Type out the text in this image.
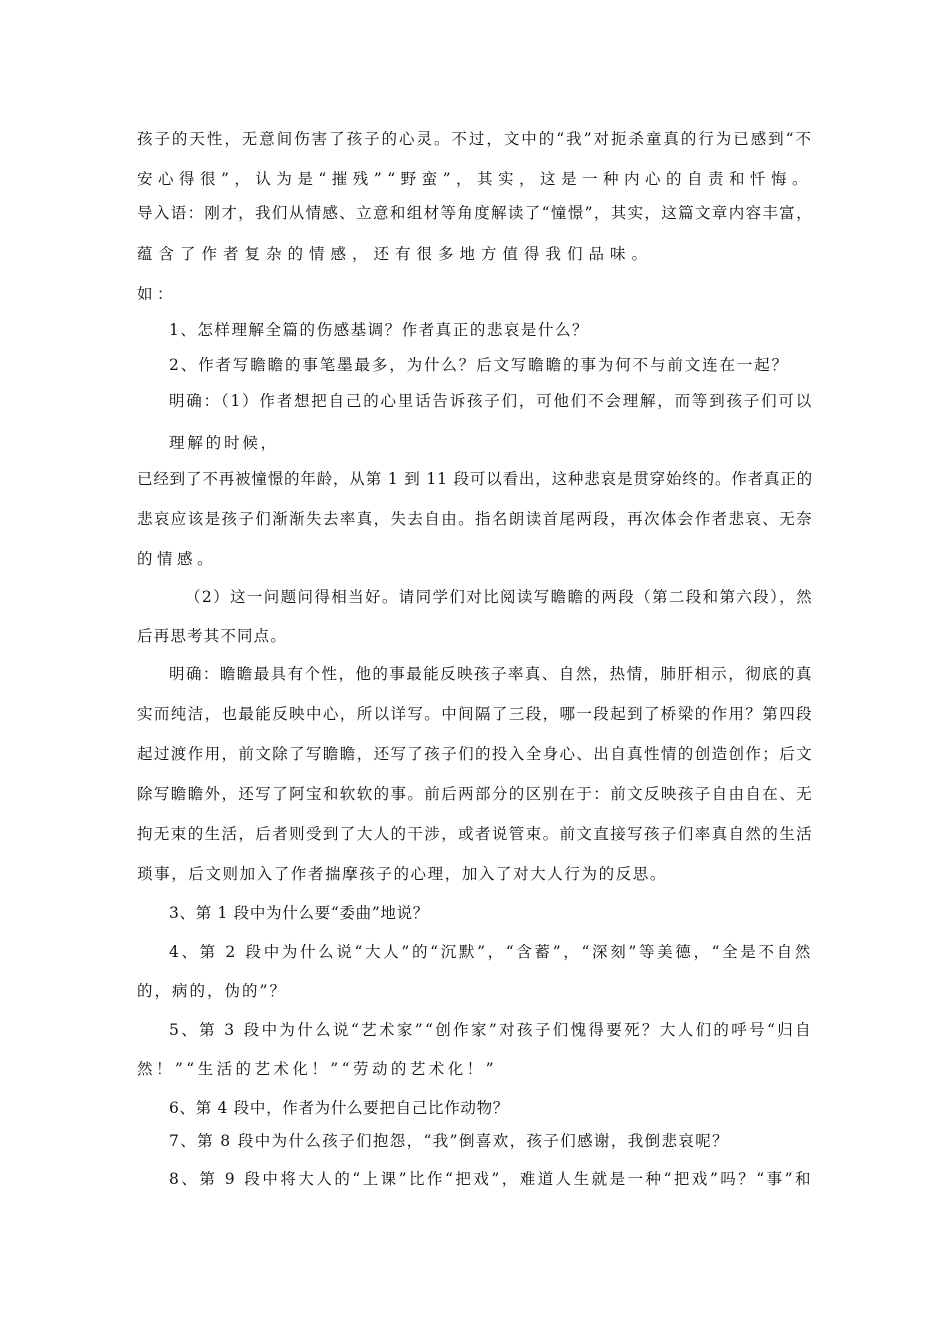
孩子的天性，无意间伤害了孩子的心灵。不过，文中的“我”对扼杀童真的行为已感到“不
安心得很”，认为是“摧残”“野蛮”，其实，这是一种内心的自责和忏悔。
导入语：刚才，我们从情感、立意和组材等角度解读了“憧憬”，其实，这篇文章内容丰富，
蕴含了作者复杂的情感，还有很多地方值得我们品味。
如：
1、怎样理解全篇的伤感基调？作者真正的悲哀是什么？
2、作者写瞻瞻的事笔墨最多，为什么？后文写瞻瞻的事为何不与前文连在一起？
明确：（1）作者想把自己的心里话告诉孩子们，可他们不会理解，而等到孩子们可以
理解的时候，
已经到了不再被憧憬的年龄，从第 1 到 11 段可以看出，这种悲哀是贯穿始终的。作者真正的
悲哀应该是孩子们渐渐失去率真，失去自由。指名朗读首尾两段，再次体会作者悲哀、无奈
的情感。
（2）这一问题问得相当好。请同学们对比阅读写瞻瞻的两段（第二段和第六段），然
后再思考其不同点。
明确：瞻瞻最具有个性，他的事最能反映孩子率真、自然，热情，肺肝相示，彻底的真
实而纯洁，也最能反映中心，所以详写。中间隔了三段，哪一段起到了桥梁的作用？第四段
起过渡作用，前文除了写瞻瞻，还写了孩子们的投入全身心、出自真性情的创造创作；后文
除写瞻瞻外，还写了阿宝和软软的事。前后两部分的区别在于：前文反映孩子自由自在、无
拘无束的生活，后者则受到了大人的干涉，或者说管束。前文直接写孩子们率真自然的生活
琐事，后文则加入了作者揣摩孩子的心理，加入了对大人行为的反思。
3、第 1 段中为什么要“委曲”地说？
4、第 2 段中为什么说“大人”的“沉默”，“含蓄”，“深刻”等美德，“全是不自然
的，病的，伪的”？
5、第 3 段中为什么说“艺术家”“创作家”对孩子们愧得要死？大人们的呼号“归自
然！”“生活的艺术化！”“劳动的艺术化！”
6、第 4 段中，作者为什么要把自己比作动物？
7、第 8 段中为什么孩子们抱怨，“我”倒喜欢，孩子们感谢，我倒悲哀呢？
8、第 9 段中将大人的“上课”比作“把戏”，难道人生就是一种“把戏”吗？“事”和
